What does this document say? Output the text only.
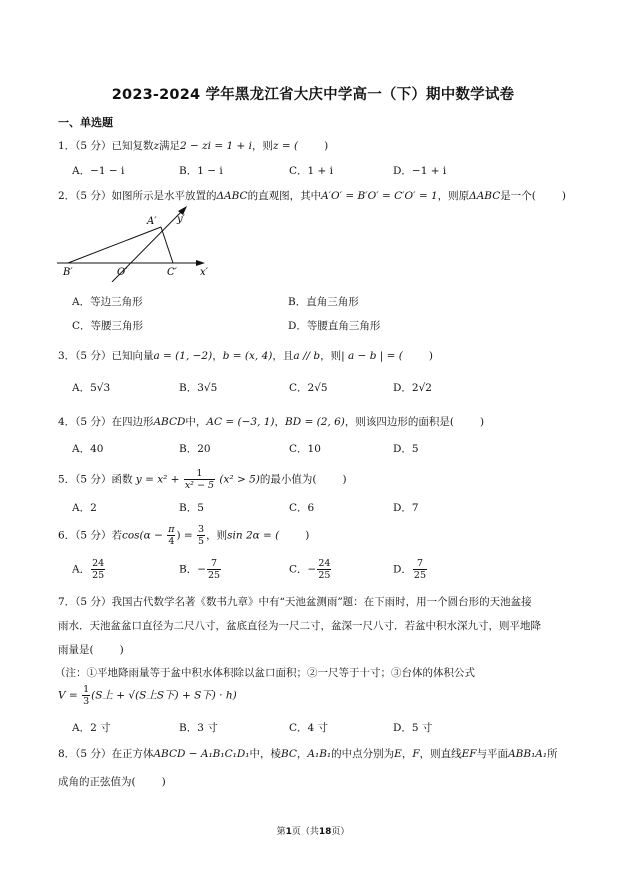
2023-2024 学年黑龙江省大庆中学高一（下）期中数学试卷
一、单选题
1．（5 分）已知复数z满足2 − zi = 1 + i，则z = ( )
A．−1 − i	B．1 − i	C．1 + i	D．−1 + i
2．（5 分）如图所示是水平放置的ΔABC的直观图，其中A′O′ = B′O′ = C′O′ = 1，则原ΔABC是一个( )
A′
B′	O′	C′ x′
y′
A．等边三角形	B．直角三角形
C．等腰三角形	D．等腰直角三角形
3．（5 分）已知向量a = (1, −2)，b = (x, 4)，且a // b，则| a − b | = ( )
A．5√3	B．3√5	C．2√5	D．2√2
4．（5 分）在四边形ABCD中，AC = (−3, 1)，BD = (2, 6)，则该四边形的面积是( )
A．40	B．20	C．10	D．5
5．（5 分）函数 $y = x^2 + \frac{1}{\text{x² − 5}} (x^2 > 5)$的最小值为( )
A．2	B．5	C．6	D．7
6．（5 分）若$\cos(\alpha - \frac{\pi}{4}$ ) = $\frac{3}{5}$ ，则sin 2α = ( )
A． $\frac{24}{25}$	B．− $\frac{7}{25}$	C．− $\frac{24}{25}$	D． $\frac{7}{25}$
7．（5 分）我国古代数学名著《数书九章》中有“天池盆测雨”题：在下雨时，用一个圆台形的天池盆接
雨水．天池盆盆口直径为二尺八寸，盆底直径为一尺二寸，盆深一尺八寸．若盆中积水深九寸，则平地降
雨量是( )
（注：①平地降雨量等于盆中积水体积除以盆口面积；②一尺等于十寸；③台体的体积公式
$V = \frac{1}{3} (S$上 + √(S上S下) + S下) · h)
A．2 寸	B．3 寸	C．4 寸	D．5 寸
8．（5 分）在正方体ABCD − A₁B₁C₁D₁中，棱BC，A₁B₁的中点分别为E，F，则直线EF与平面ABB₁A₁所
成角的正弦值为( )
第1页（共18页）
